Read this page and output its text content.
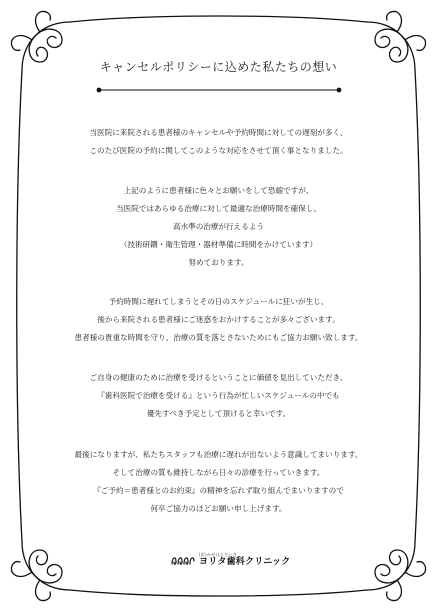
キャンセルポリシーに込めた私たちの想い
当医院に来院される患者様のキャンセルや予約時間に対しての遅刻が多く、
このたび医院の予約に関してこのような対応をさせて頂く事となりました。
上記のように患者様に色々とお願いをして恐縮ですが、
当医院ではあらゆる治療に対して最適な治療時間を確保し、
高水準の治療が行えるよう
（技術研鑽・衛生管理・器材準備に時間をかけています）
努めております。
予約時間に遅れてしまうとその日のスケジュールに狂いが生じ、
後から来院される患者様にご迷惑をおかけすることが多々ございます。
患者様の貴重な時間を守り、治療の質を落とさないためにもご協力お願い致します。
ご自身の健康のために治療を受けるということに価値を見出していただき、
『歯科医院で治療を受ける』という行為が忙しいスケジュールの中でも
優先すべき予定として頂けると幸いです。
最後になりますが、私たちスタッフも治療に遅れが出ないよう意識してまいります。
そして治療の質も維持しながら日々の診療を行っていきます。
『ご予約＝患者様とのお約束』の精神を忘れず取り組んでまいりますので
何卒ご協力のほどお願い申し上げます。
(医)かがはらだいき
ヨリタ歯科クリニック
